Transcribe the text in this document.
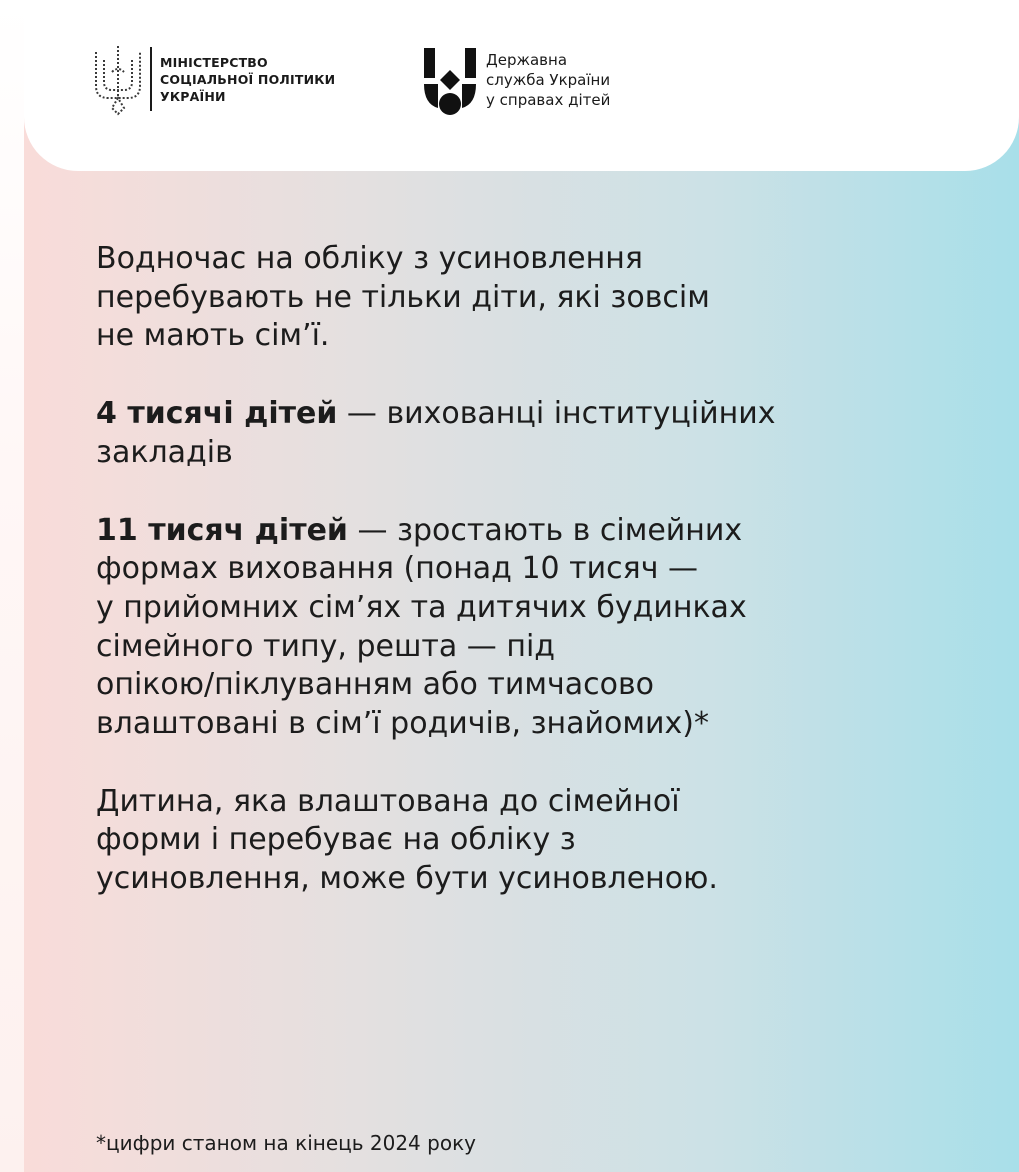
МІНІСТЕРСТВО
СОЦІАЛЬНОЇ ПОЛІТИКИ
УКРАЇНИ
Державна
служба України
у справах дітей
Водночас на обліку з усиновлення
перебувають не тільки діти, які зовсім
не мають сім’ї.
4 тисячі дітей — вихованці інституційних
закладів
11 тисяч дітей — зростають в сімейних
формах виховання (понад 10 тисяч —
у прийомних сім’ях та дитячих будинках
сімейного типу, решта — під
опікою/піклуванням або тимчасово
влаштовані в сім’ї родичів, знайомих)*
Дитина, яка влаштована до сімейної
форми і перебуває на обліку з
усиновлення, може бути усиновленою.
*цифри станом на кінець 2024 року
